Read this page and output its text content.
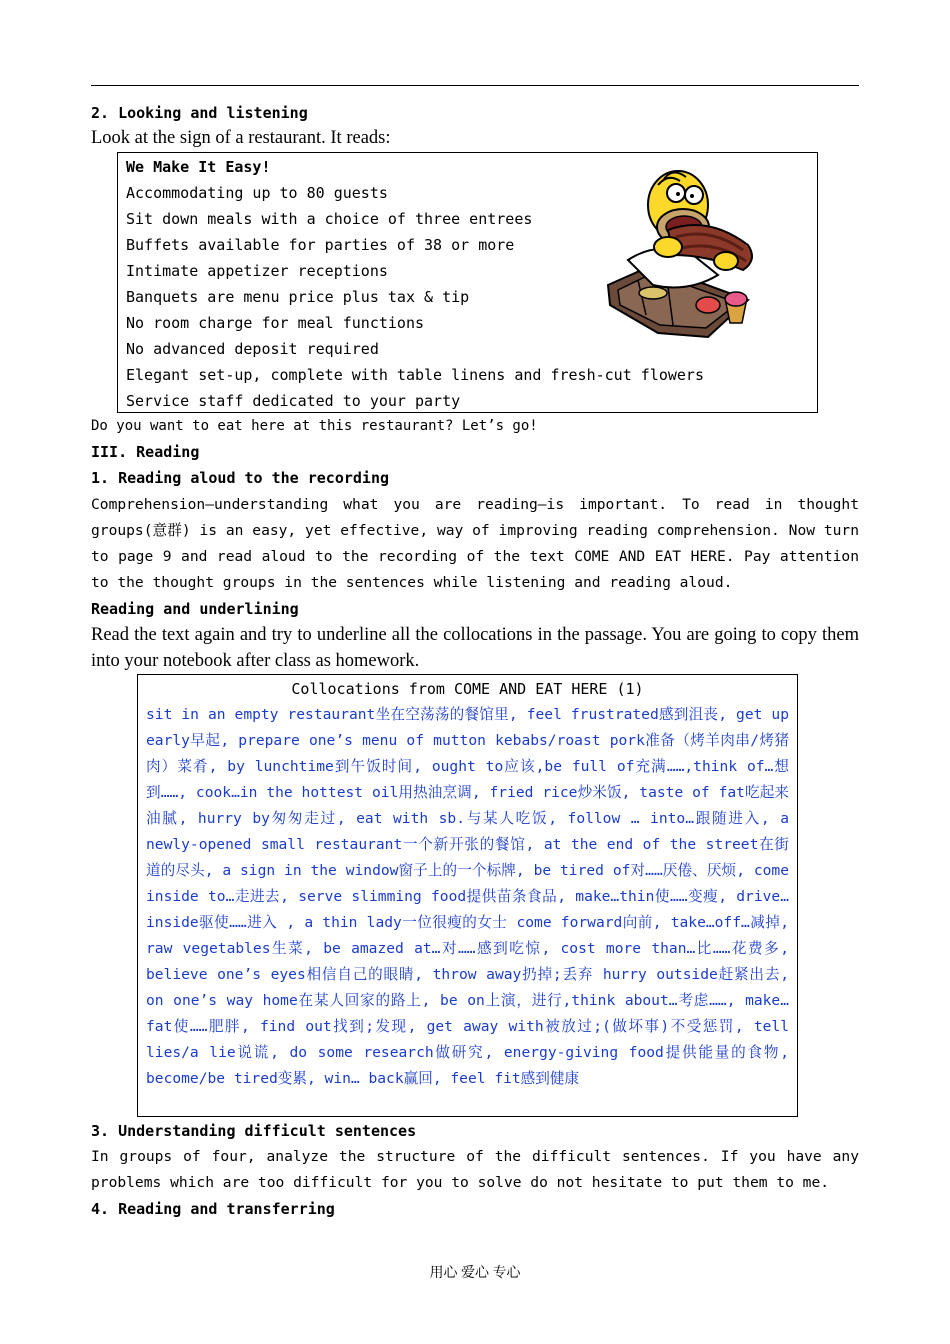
2. Looking and listening
Look at the sign of a restaurant. It reads:
We Make It Easy!
Accommodating up to 80 guests
Sit down meals with a choice of three entrees
Buffets available for parties of 38 or more
Intimate appetizer receptions
Banquets are menu price plus tax & tip
No room charge for meal functions
No advanced deposit required
Elegant set-up, complete with table linens and fresh-cut flowers
Service staff dedicated to your party
Do you want to eat here at this restaurant? Let’s go!
III. Reading
1. Reading aloud to the recording
Comprehension—understanding what you are reading—is important. To read in thought groups(意群) is an easy, yet effective, way of improving reading comprehension. Now turn to page 9 and read aloud to the recording of the text COME AND EAT HERE. Pay attention to the thought groups in the sentences while listening and reading aloud.
Reading and underlining
Read the text again and try to underline all the collocations in the passage. You are going to copy them into your notebook after class as homework.
Collocations from COME AND EAT HERE (1)
sit in an empty restaurant坐在空荡荡的餐馆里, feel frustrated感到沮丧, get up early早起, prepare one’s menu of mutton kebabs/roast pork准备（烤羊肉串/烤猪肉）菜肴, by lunchtime到午饭时间, ought to应该,be full of充满……,think of…想到……, cook…in the hottest oil用热油烹调, fried rice炒米饭, taste of fat吃起来油腻, hurry by匆匆走过, eat with sb.与某人吃饭, follow … into…跟随进入, a newly-opened small restaurant一个新开张的餐馆, at the end of the street在街道的尽头, a sign in the window窗子上的一个标牌, be tired of对……厌倦、厌烦, come inside to…走进去, serve slimming food提供苗条食品, make…thin使……变瘦, drive…inside驱使……进入 , a thin lady一位很瘦的女士 come forward向前, take…off…减掉, raw vegetables生菜, be amazed at…对……感到吃惊, cost more than…比……花费多, believe one’s eyes相信自己的眼睛, throw away扔掉;丢弃 hurry outside赶紧出去, on one’s way home在某人回家的路上, be on上演，进行,think about…考虑……, make…fat使……肥胖, find out找到;发现, get away with被放过;(做坏事)不受惩罚, tell lies/a lie说谎, do some research做研究, energy-giving food提供能量的食物, become/be tired变累, win… back赢回, feel fit感到健康
3. Understanding difficult sentences
In groups of four, analyze the structure of the difficult sentences. If you have any problems which are too difficult for you to solve do not hesitate to put them to me.
4. Reading and transferring
用心 爱心 专心
